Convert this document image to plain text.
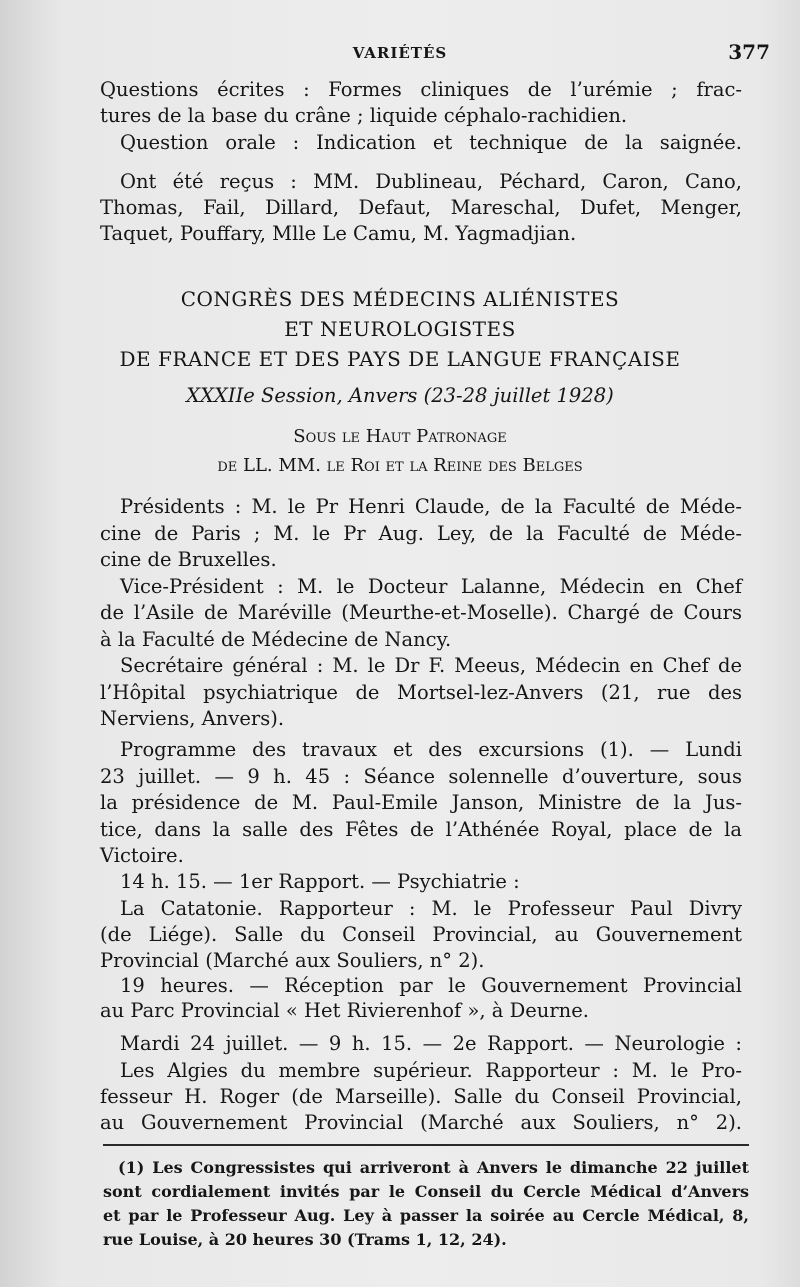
VARIÉTÉS	377
Questions écrites : Formes cliniques de l’urémie ; frac-
tures de la base du crâne ; liquide céphalo-rachidien.
Question orale : Indication et technique de la saignée.
Ont été reçus : MM. Dublineau, Péchard, Caron, Cano,
Thomas, Fail, Dillard, Defaut, Mareschal, Dufet, Menger,
Taquet, Pouffary, Mlle Le Camu, M. Yagmadjian.
CONGRÈS DES MÉDECINS ALIÉNISTES
ET NEUROLOGISTES
DE FRANCE ET DES PAYS DE LANGUE FRANÇAISE
XXXIIe Session, Anvers (23-28 juillet 1928)
Sous le Haut Patronage
de LL. MM. le Roi et la Reine des Belges
Présidents : M. le Pr Henri Claude, de la Faculté de Méde-
cine de Paris ; M. le Pr Aug. Ley, de la Faculté de Méde-
cine de Bruxelles.
Vice-Président : M. le Docteur Lalanne, Médecin en Chef
de l’Asile de Maréville (Meurthe-et-Moselle). Chargé de Cours
à la Faculté de Médecine de Nancy.
Secrétaire général : M. le Dr F. Meeus, Médecin en Chef de
l’Hôpital psychiatrique de Mortsel-lez-Anvers (21, rue des
Nerviens, Anvers).
Programme des travaux et des excursions (1). — Lundi
23 juillet. — 9 h. 45 : Séance solennelle d’ouverture, sous
la présidence de M. Paul-Emile Janson, Ministre de la Jus-
tice, dans la salle des Fêtes de l’Athénée Royal, place de la
Victoire.
14 h. 15. — 1er Rapport. — Psychiatrie :
La Catatonie. Rapporteur : M. le Professeur Paul Divry
(de Liége). Salle du Conseil Provincial, au Gouvernement
Provincial (Marché aux Souliers, n° 2).
19 heures. — Réception par le Gouvernement Provincial
au Parc Provincial « Het Rivierenhof », à Deurne.
Mardi 24 juillet. — 9 h. 15. — 2e Rapport. — Neurologie :
Les Algies du membre supérieur. Rapporteur : M. le Pro-
fesseur H. Roger (de Marseille). Salle du Conseil Provincial,
au Gouvernement Provincial (Marché aux Souliers, n° 2).
(1) Les Congressistes qui arriveront à Anvers le dimanche 22 juillet
sont cordialement invités par le Conseil du Cercle Médical d’Anvers
et par le Professeur Aug. Ley à passer la soirée au Cercle Médical, 8,
rue Louise, à 20 heures 30 (Trams 1, 12, 24).
